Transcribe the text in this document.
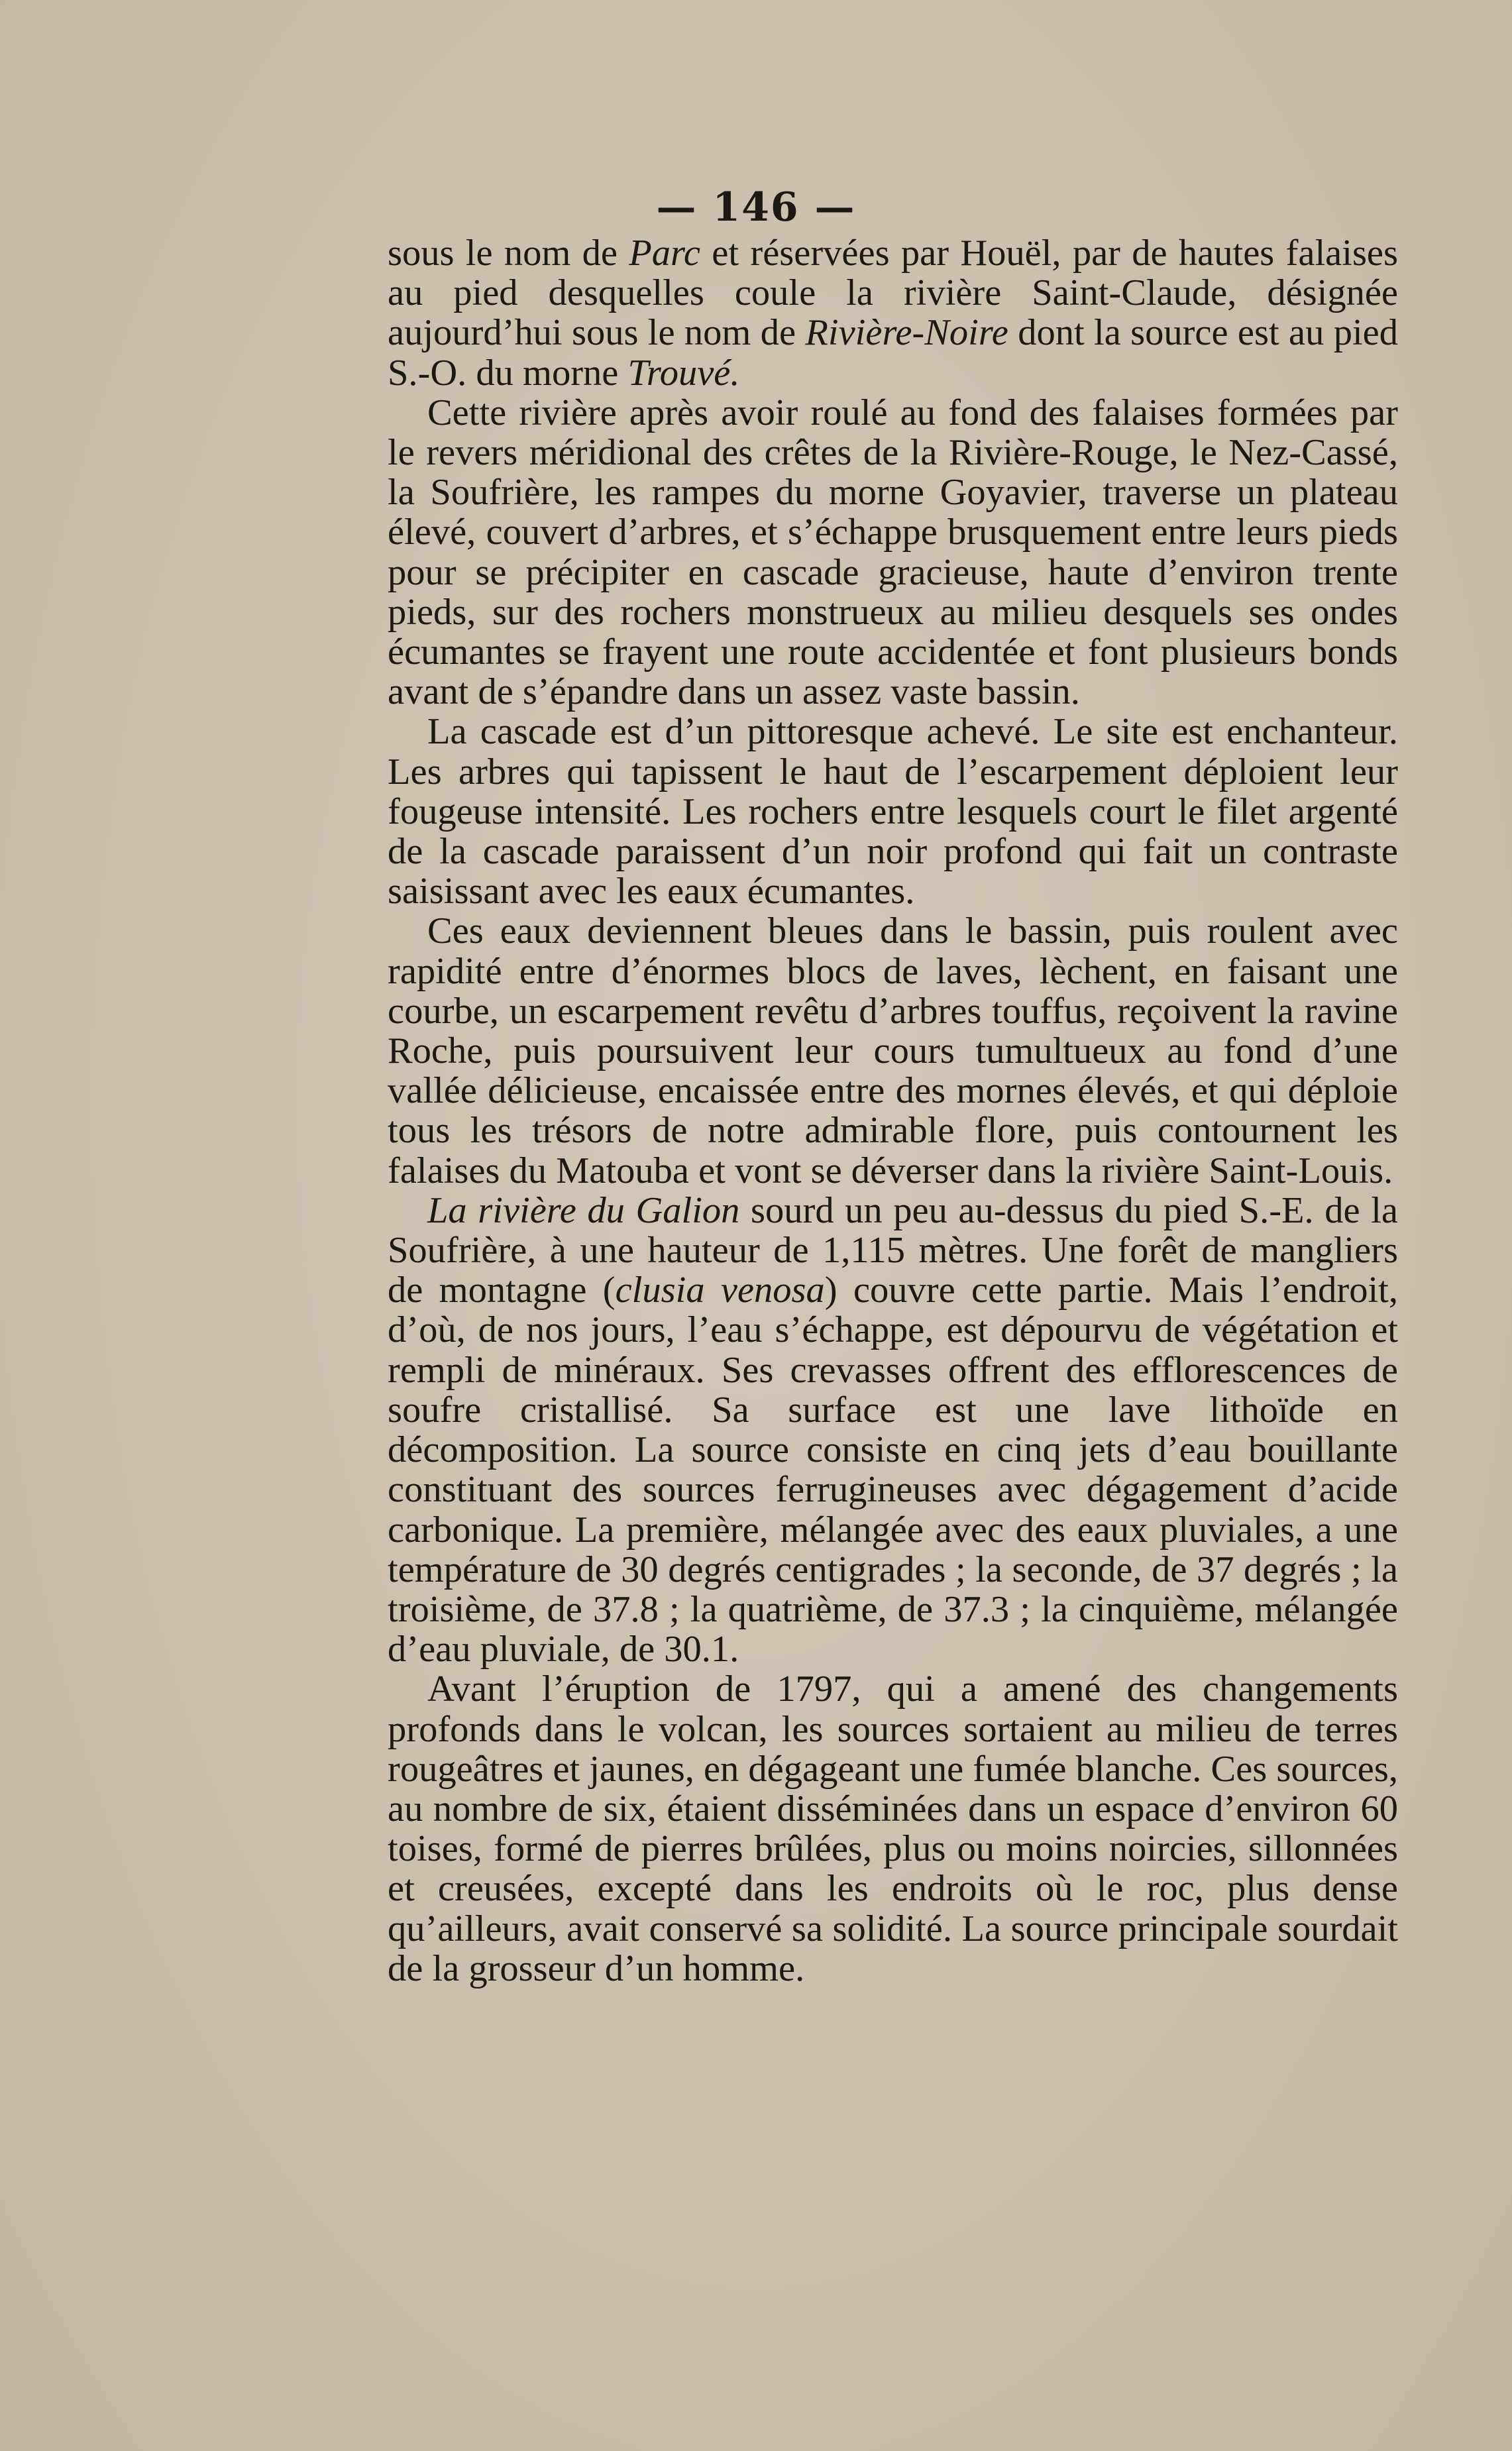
— 146 —

sous le nom de Parc et réservées par Houël, par de hautes falaises au pied desquelles coule la rivière Saint-Claude, désignée aujourd’hui sous le nom de Rivière-Noire dont la source est au pied S.-O. du morne Trouvé.

Cette rivière après avoir roulé au fond des falaises formées par le revers méridional des crêtes de la Rivière-Rouge, le Nez-Cassé, la Soufrière, les rampes du morne Goyavier, traverse un plateau élevé, couvert d’arbres, et s’échappe brusquement entre leurs pieds pour se précipiter en cascade gracieuse, haute d’environ trente pieds, sur des rochers monstrueux au milieu desquels ses ondes écumantes se frayent une route accidentée et font plusieurs bonds avant de s’épandre dans un assez vaste bassin.

La cascade est d’un pittoresque achevé. Le site est enchanteur. Les arbres qui tapissent le haut de l’escarpement déploient leur fougeuse intensité. Les rochers entre lesquels court le filet argenté de la cascade paraissent d’un noir profond qui fait un contraste saisissant avec les eaux écumantes.

Ces eaux deviennent bleues dans le bassin, puis roulent avec rapidité entre d’énormes blocs de laves, lèchent, en faisant une courbe, un escarpement revêtu d’arbres touffus, reçoivent la ravine Roche, puis poursuivent leur cours tumultueux au fond d’une vallée délicieuse, encaissée entre des mornes élevés, et qui déploie tous les trésors de notre admirable flore, puis contournent les falaises du Matouba et vont se déverser dans la rivière Saint-Louis.

La rivière du Galion sourd un peu au-dessus du pied S.-E. de la Soufrière, à une hauteur de 1,115 mètres. Une forêt de mangliers de montagne (clusia venosa) couvre cette partie. Mais l’endroit, d’où, de nos jours, l’eau s’échappe, est dépourvu de végétation et rempli de minéraux. Ses crevasses offrent des efflorescences de soufre cristallisé. Sa surface est une lave lithoïde en décomposition. La source consiste en cinq jets d’eau bouillante constituant des sources ferrugineuses avec dégagement d’acide carbonique. La première, mélangée avec des eaux pluviales, a une température de 30 degrés centigrades ; la seconde, de 37 degrés ; la troisième, de 37.8 ; la quatrième, de 37.3 ; la cinquième, mélangée d’eau pluviale, de 30.1.

Avant l’éruption de 1797, qui a amené des changements profonds dans le volcan, les sources sortaient au milieu de terres rougeâtres et jaunes, en dégageant une fumée blanche. Ces sources, au nombre de six, étaient disséminées dans un espace d’environ 60 toises, formé de pierres brûlées, plus ou moins noircies, sillonnées et creusées, excepté dans les endroits où le roc, plus dense qu’ailleurs, avait conservé sa solidité. La source principale sourdait de la grosseur d’un homme.
